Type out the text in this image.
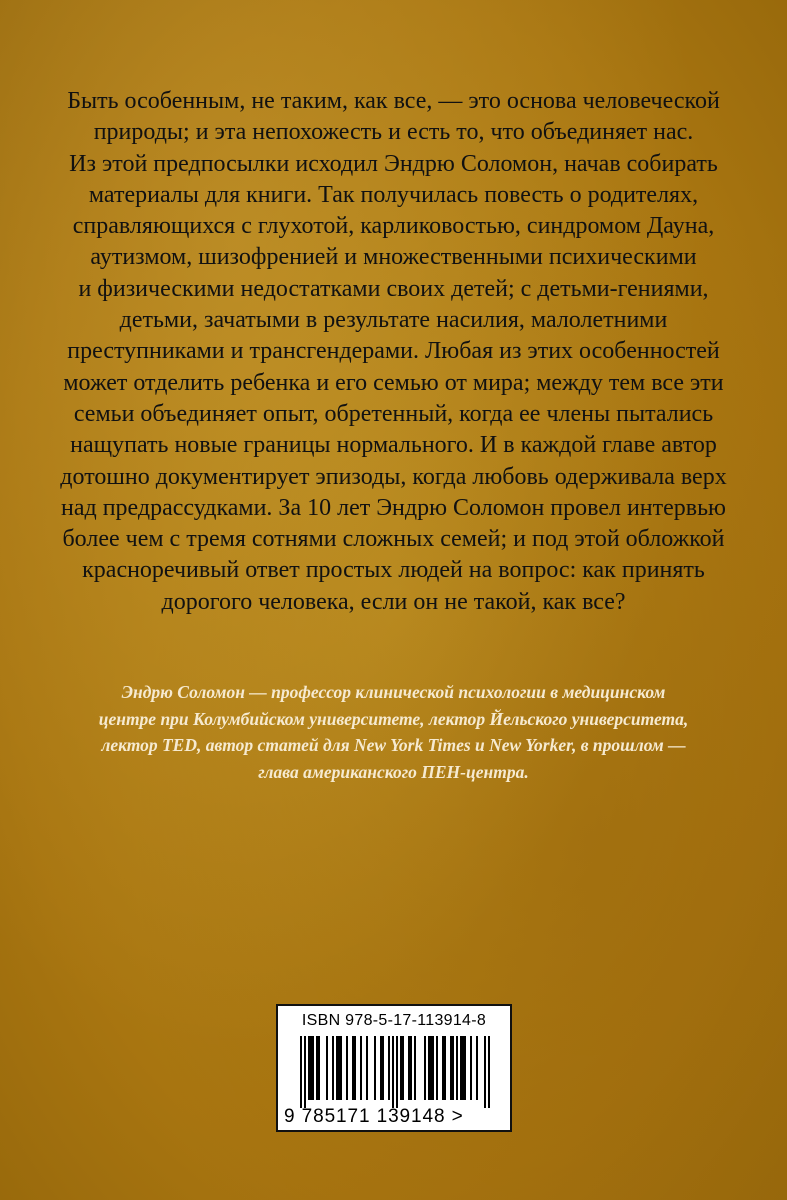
Быть особенным, не таким, как все, — это основа человеческой
природы; и эта непохожесть и есть то, что объединяет нас.
Из этой предпосылки исходил Эндрю Соломон, начав собирать
материалы для книги. Так получилась повесть о родителях,
справляющихся с глухотой, карликовостью, синдромом Дауна,
аутизмом, шизофренией и множественными психическими
и физическими недостатками своих детей; с детьми-гениями,
детьми, зачатыми в результате насилия, малолетними
преступниками и трансгендерами. Любая из этих особенностей
может отделить ребенка и его семью от мира; между тем все эти
семьи объединяет опыт, обретенный, когда ее члены пытались
нащупать новые границы нормального. И в каждой главе автор
дотошно документирует эпизоды, когда любовь одерживала верх
над предрассудками. За 10 лет Эндрю Соломон провел интервью
более чем с тремя сотнями сложных семей; и под этой обложкой
красноречивый ответ простых людей на вопрос: как принять
дорогого человека, если он не такой, как все?
Эндрю Соломон — профессор клинической психологии в медицинском
центре при Колумбийском университете, лектор Йельского университета,
лектор TED, автор статей для New York Times и New Yorker, в прошлом —
глава американского ПЕН-центра.
ISBN 978-5-17-113914-8
9 785171 139148 >
